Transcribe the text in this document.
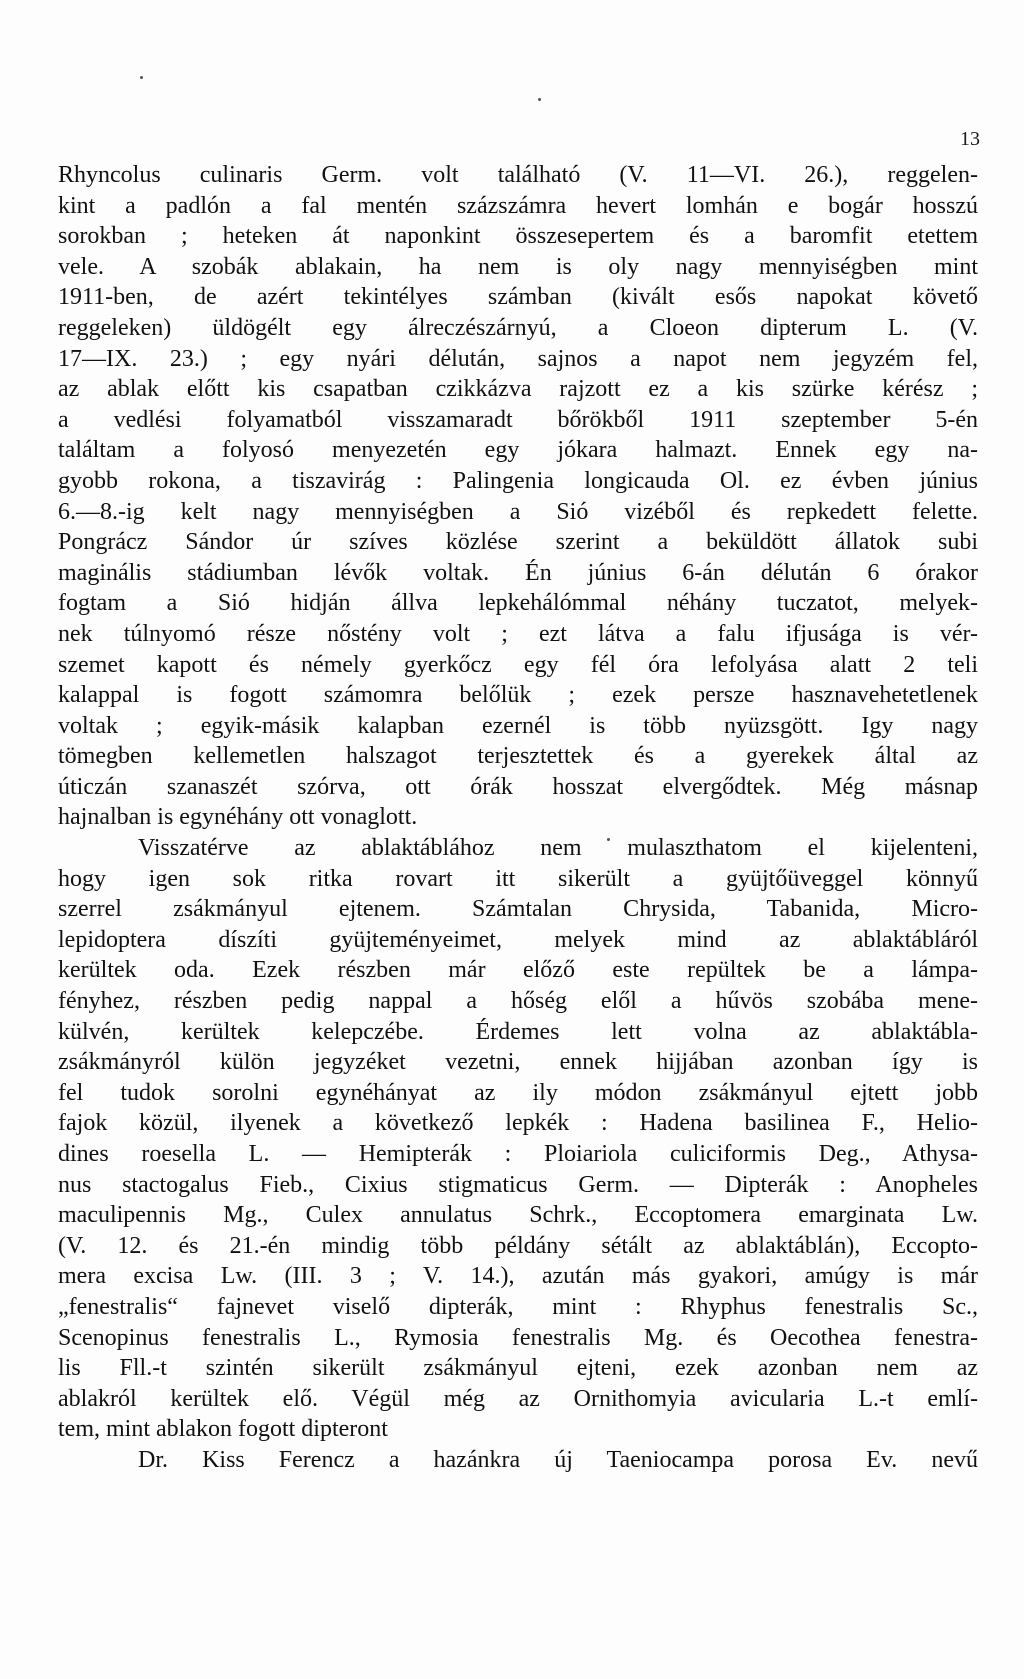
13
Rhyncolus culinaris Germ. volt található (V. 11—VI. 26.), reggelen-
kint a padlón a fal mentén százszámra hevert lomhán e bogár hosszú
sorokban ; heteken át naponkint összesepertem és a baromfit etettem
vele. A szobák ablakain, ha nem is oly nagy mennyiségben mint
1911-ben, de azért tekintélyes számban (kivált esős napokat követő
reggeleken) üldögélt egy álreczészárnyú, a Cloeon dipterum L. (V.
17—IX. 23.) ; egy nyári délután, sajnos a napot nem jegyzém fel,
az ablak előtt kis csapatban czikkázva rajzott ez a kis szürke kérész ;
a vedlési folyamatból visszamaradt bőrökből 1911 szeptember 5-én
találtam a folyosó menyezetén egy jókara halmazt. Ennek egy na-
gyobb rokona, a tiszavirág : Palingenia longicauda Ol. ez évben június
6.—8.-ig kelt nagy mennyiségben a Sió vizéből és repkedett felette.
Pongrácz Sándor úr szíves közlése szerint a beküldött állatok subi
maginális stádiumban lévők voltak. Én június 6-án délután 6 órakor
fogtam a Sió hidján állva lepkehálómmal néhány tuczatot, melyek-
nek túlnyomó része nőstény volt ; ezt látva a falu ifjusága is vér-
szemet kapott és némely gyerkőcz egy fél óra lefolyása alatt 2 teli
kalappal is fogott számomra belőlük ; ezek persze hasznavehetetlenek
voltak ; egyik-másik kalapban ezernél is több nyüzsgött. Igy nagy
tömegben kellemetlen halszagot terjesztettek és a gyerekek által az
úticzán szanaszét szórva, ott órák hosszat elvergődtek. Még másnap
hajnalban is egynéhány ott vonaglott.
Visszatérve az ablaktáblához nem mulaszthatom el kijelenteni,
hogy igen sok ritka rovart itt sikerült a gyüjtőüveggel könnyű
szerrel zsákmányul ejtenem. Számtalan Chrysida, Tabanida, Micro-
lepidoptera díszíti gyüjteményeimet, melyek mind az ablaktábláról
kerültek oda. Ezek részben már előző este repültek be a lámpa-
fényhez, részben pedig nappal a hőség elől a hűvös szobába mene-
külvén, kerültek kelepczébe. Érdemes lett volna az ablaktábla-
zsákmányról külön jegyzéket vezetni, ennek hijjában azonban így is
fel tudok sorolni egynéhányat az ily módon zsákmányul ejtett jobb
fajok közül, ilyenek a következő lepkék : Hadena basilinea F., Helio-
dines roesella L. — Hemipterák : Ploiariola culiciformis Deg., Athysa-
nus stactogalus Fieb., Cixius stigmaticus Germ. — Dipterák : Anopheles
maculipennis Mg., Culex annulatus Schrk., Eccoptomera emarginata Lw.
(V. 12. és 21.-én mindig több példány sétált az ablaktáblán), Eccopto-
mera excisa Lw. (III. 3 ; V. 14.), azután más gyakori, amúgy is már
„fenestralis“ fajnevet viselő dipterák, mint : Rhyphus fenestralis Sc.,
Scenopinus fenestralis L., Rymosia fenestralis Mg. és Oecothea fenestra-
lis Fll.-t szintén sikerült zsákmányul ejteni, ezek azonban nem az
ablakról kerültek elő. Végül még az Ornithomyia avicularia L.-t emlí-
tem, mint ablakon fogott dipteront
Dr. Kiss Ferencz a hazánkra új Taeniocampa porosa Ev. nevű
